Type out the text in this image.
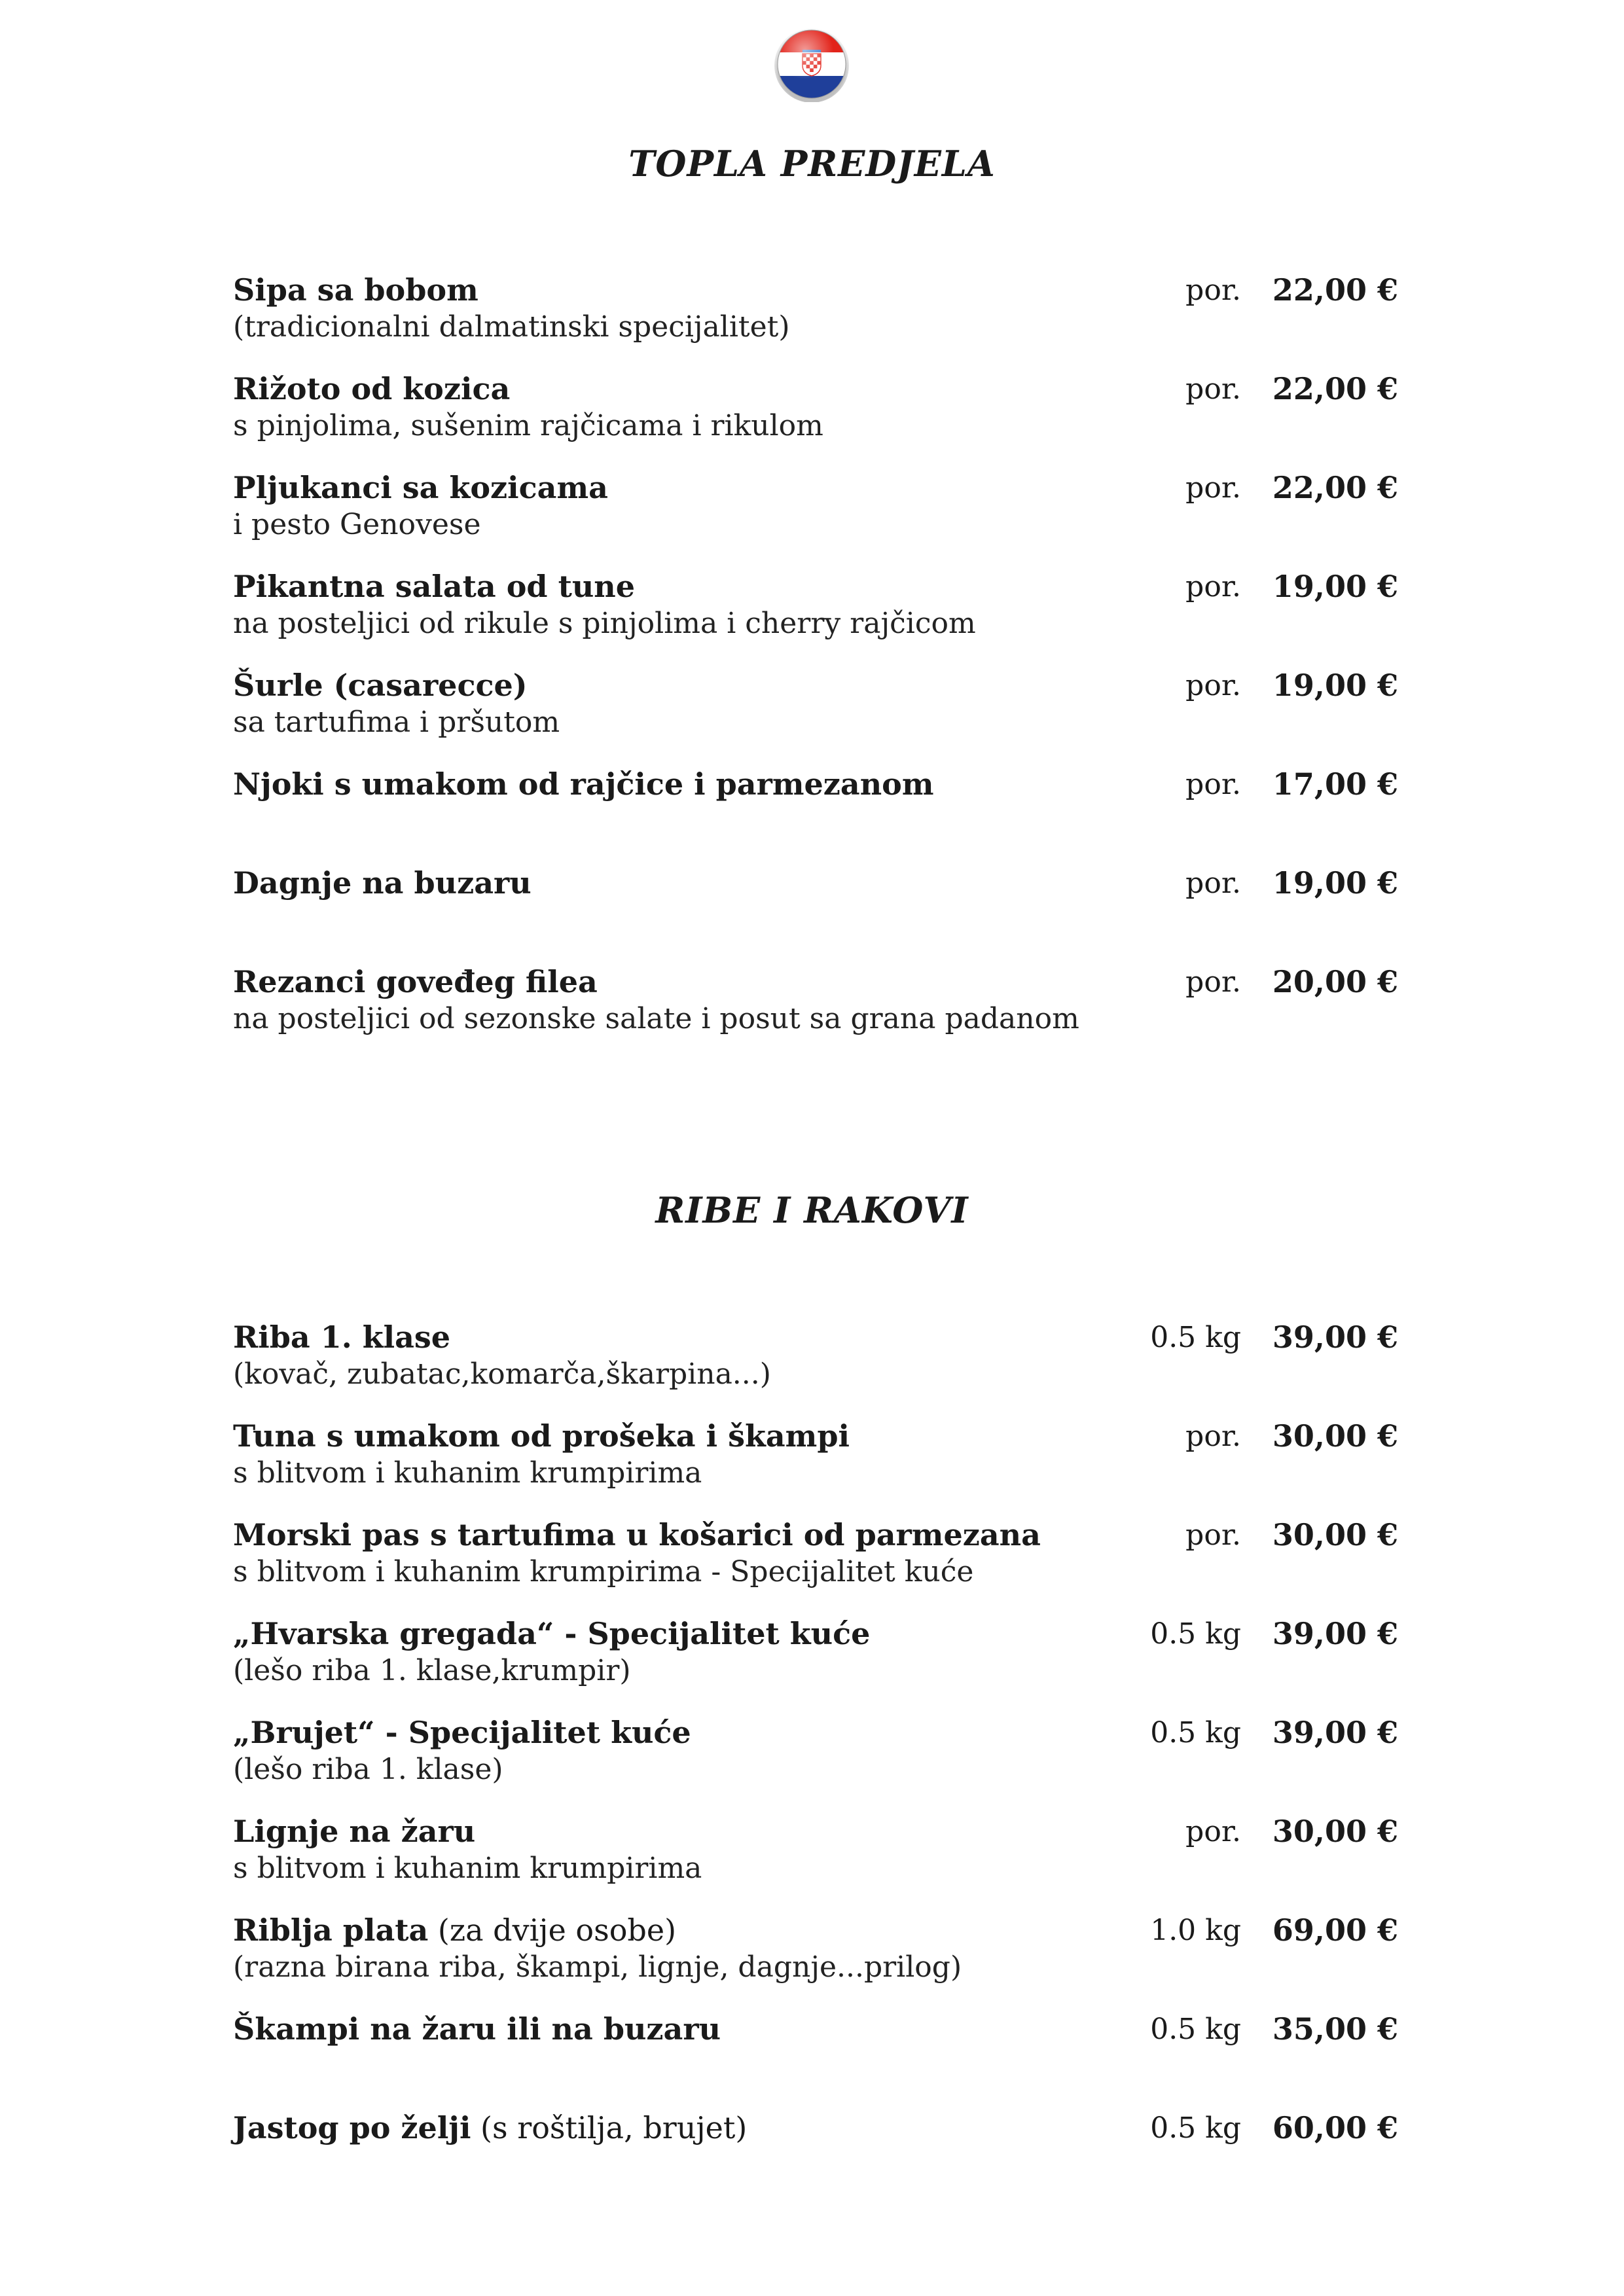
TOPLA PREDJELA
Sipa sa bobom
(tradicionalni dalmatinski specijalitet)
por. 22,00 €
Rižoto od kozica
s pinjolima, sušenim rajčicama i rikulom
por. 22,00 €
Pljukanci sa kozicama
i pesto Genovese
por. 22,00 €
Pikantna salata od tune
na posteljici od rikule s pinjolima i cherry rajčicom
por. 19,00 €
Šurle (casarecce)
sa tartufima i pršutom
por. 19,00 €
Njoki s umakom od rajčice i parmezanom	por. 17,00 €
Dagnje na buzaru	por. 19,00 €
Rezanci goveđeg filea
na posteljici od sezonske salate i posut sa grana padanom
por. 20,00 €
RIBE I RAKOVI
Riba 1. klase
(kovač, zubatac,komarča,škarpina...)
0.5 kg 39,00 €
Tuna s umakom od prošeka i škampi
s blitvom i kuhanim krumpirima
por. 30,00 €
Morski pas s tartufima u košarici od parmezana
s blitvom i kuhanim krumpirima - Specijalitet kuće
por. 30,00 €
„Hvarska gregada“ - Specijalitet kuće
(lešo riba 1. klase,krumpir)
0.5 kg 39,00 €
„Brujet“ - Specijalitet kuće
(lešo riba 1. klase)
0.5 kg 39,00 €
Lignje na žaru
s blitvom i kuhanim krumpirima
por. 30,00 €
Riblja plata (za dvije osobe)
(razna birana riba, škampi, lignje, dagnje...prilog)
1.0 kg 69,00 €
Škampi na žaru ili na buzaru	0.5 kg 35,00 €
Jastog po želji (s roštilja, brujet)	0.5 kg 60,00 €
